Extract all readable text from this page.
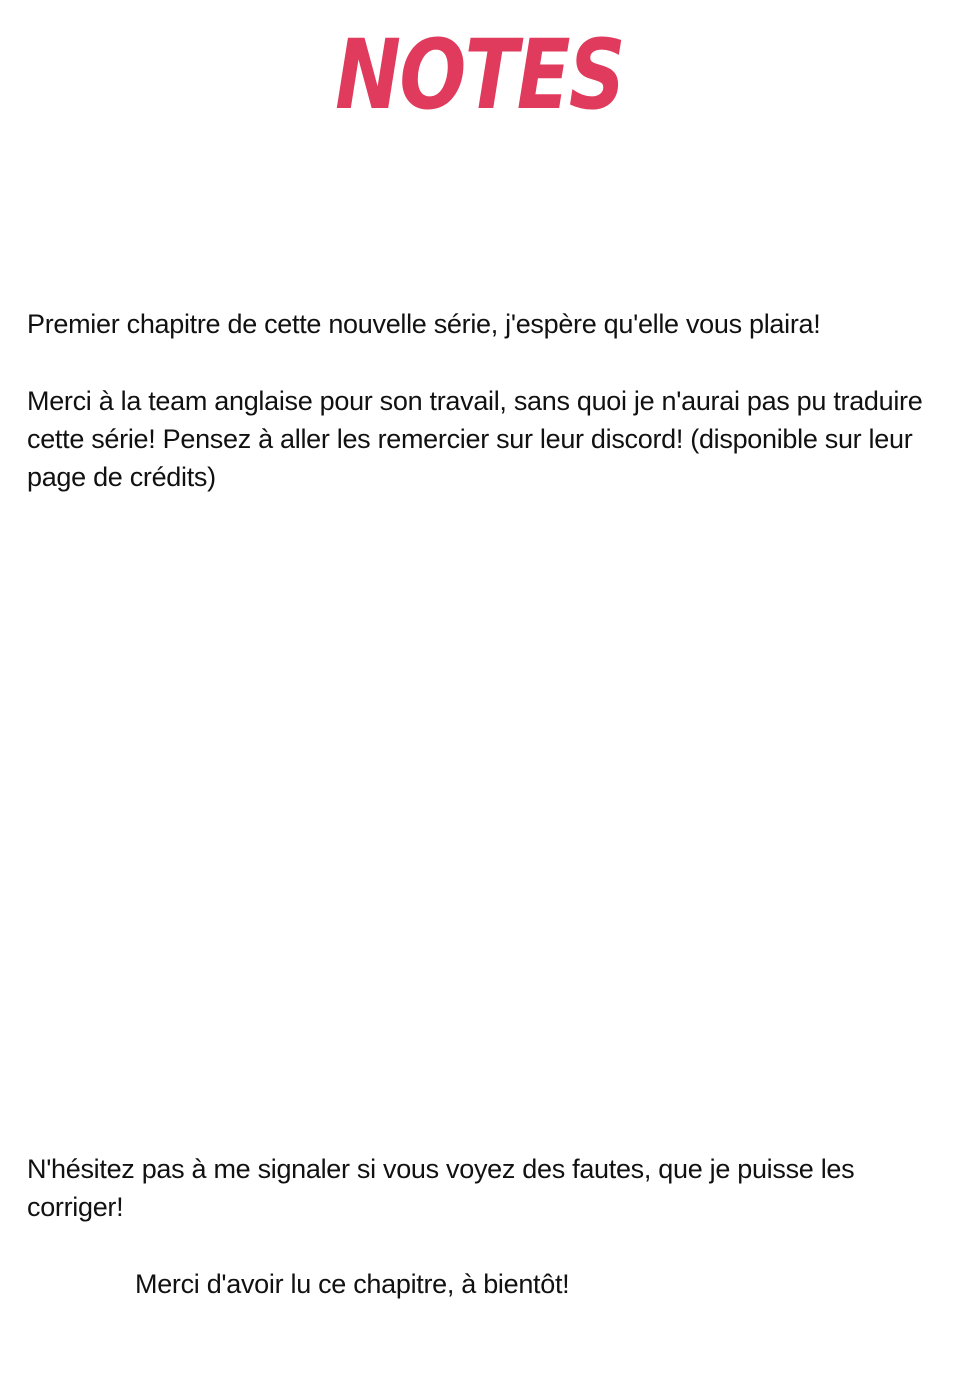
NOTES

Premier chapitre de cette nouvelle série, j'espère qu'elle vous plaira!

Merci à la team anglaise pour son travail, sans quoi je n'aurai pas pu traduire cette série! Pensez à aller les remercier sur leur discord! (disponible sur leur page de crédits)

N'hésitez pas à me signaler si vous voyez des fautes, que je puisse les corriger!

Merci d'avoir lu ce chapitre, à bientôt!
